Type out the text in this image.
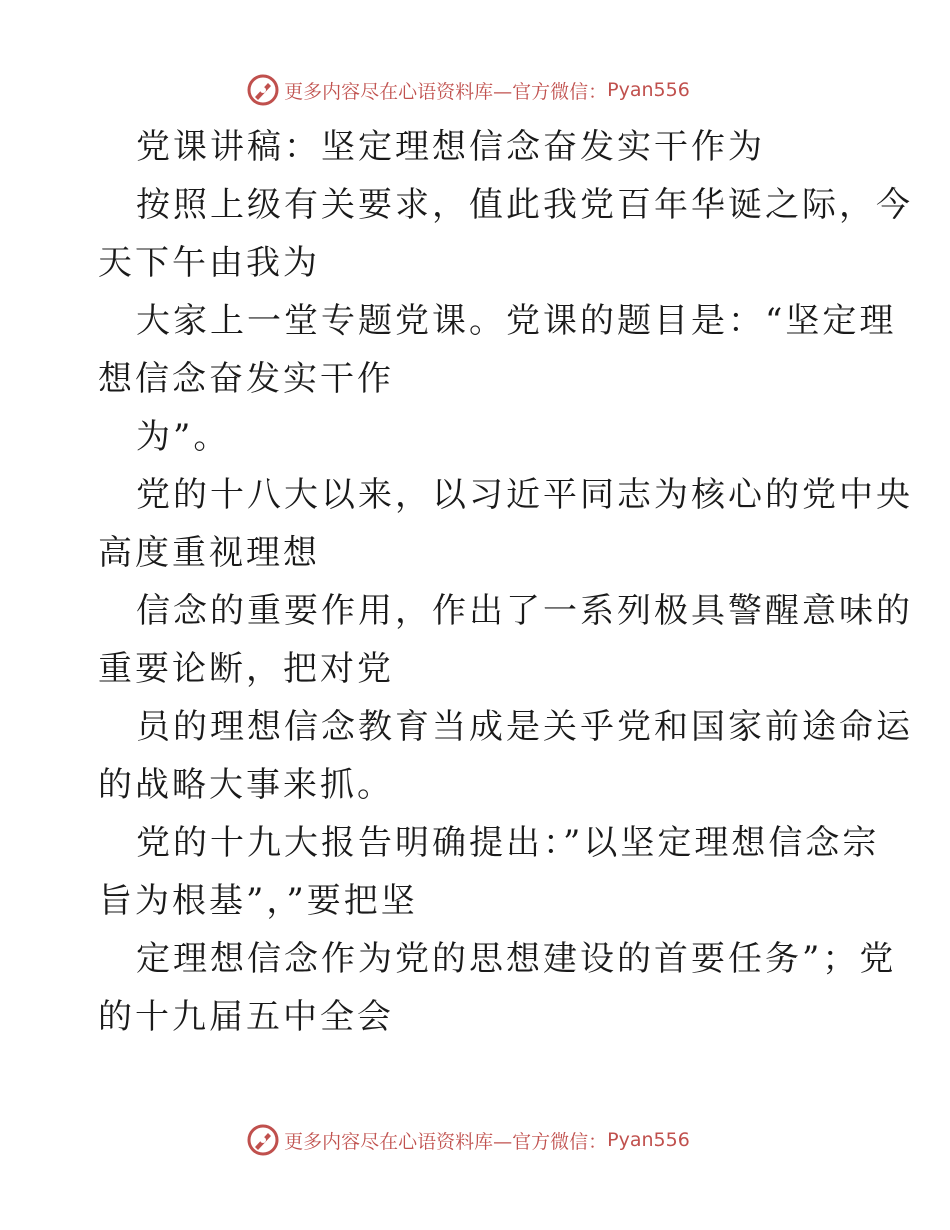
更多内容尽在心语资料库—官方微信： Pyan556
党课讲稿：坚定理想信念奋发实干作为
按照上级有关要求，值此我党百年华诞之际，今
天下午由我为
大家上一堂专题党课。党课的题目是：“坚定理
想信念奋发实干作
为”。
党的十八大以来，以习近平同志为核心的党中央
高度重视理想
信念的重要作用，作出了一系列极具警醒意味的
重要论断，把对党
员的理想信念教育当成是关乎党和国家前途命运
的战略大事来抓。
党的十九大报告明确提出：”以坚定理想信念宗
旨为根基”，”要把坚
定理想信念作为党的思想建设的首要任务”；党
的十九届五中全会
更多内容尽在心语资料库—官方微信： Pyan556
